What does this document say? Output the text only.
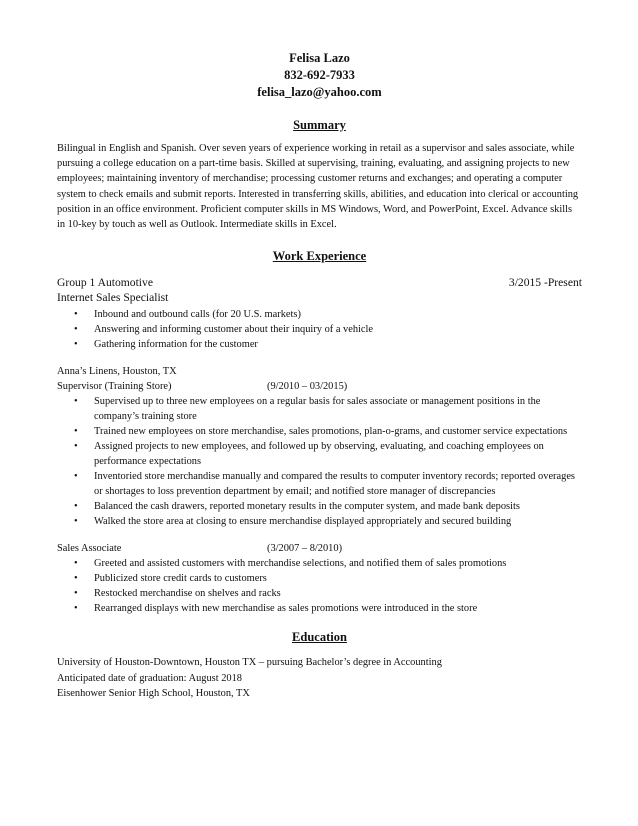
Felisa Lazo
832-692-7933
felisa_lazo@yahoo.com
Summary

Bilingual in English and Spanish. Over seven years of experience working in retail as a supervisor and sales associate, while pursuing a college education on a part-time basis. Skilled at supervising, training, evaluating, and assigning projects to new employees; maintaining inventory of merchandise; processing customer returns and exchanges; and operating a computer system to check emails and submit reports. Interested in transferring skills, abilities, and education into clerical or accounting position in an office environment. Proficient computer skills in MS Windows, Word, and PowerPoint, Excel. Advance skills in 10-key by touch as well as Outlook. Intermediate skills in Excel.

Work Experience
Group 1 Automotive	3/2015 -Present
Internet Sales Specialist
• Inbound and outbound calls (for 20 U.S. markets)
• Answering and informing customer about their inquiry of a vehicle
• Gathering information for the customer
Anna’s Linens, Houston, TX
Supervisor (Training Store)	(9/2010 – 03/2015)
• Supervised up to three new employees on a regular basis for sales associate or management positions in the company’s training store
• Trained new employees on store merchandise, sales promotions, plan-o-grams, and customer service expectations
• Assigned projects to new employees, and followed up by observing, evaluating, and coaching employees on performance expectations
• Inventoried store merchandise manually and compared the results to computer inventory records; reported overages or shortages to loss prevention department by email; and notified store manager of discrepancies
• Balanced the cash drawers, reported monetary results in the computer system, and made bank deposits
• Walked the store area at closing to ensure merchandise displayed appropriately and secured building
Sales Associate	(3/2007 – 8/2010)
• Greeted and assisted customers with merchandise selections, and notified them of sales promotions
• Publicized store credit cards to customers
• Restocked merchandise on shelves and racks
• Rearranged displays with new merchandise as sales promotions were introduced in the store
Education
University of Houston-Downtown, Houston TX – pursuing Bachelor’s degree in Accounting
Anticipated date of graduation: August 2018
Eisenhower Senior High School, Houston, TX
